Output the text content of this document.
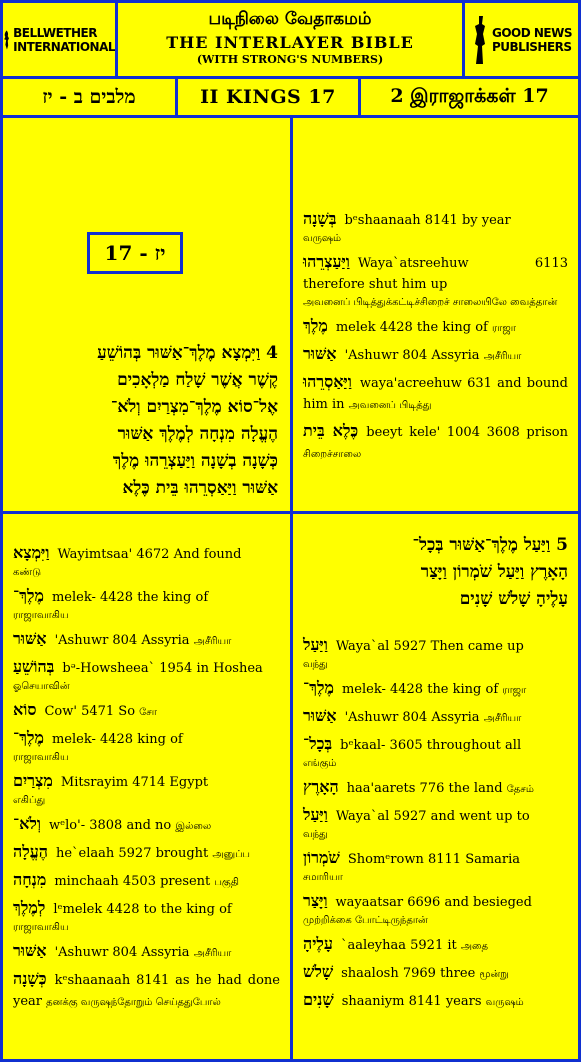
BELLWETHER
INTERNATIONAL
படிநிலை வேதாகமம்
THE INTERLAYER BIBLE
(WITH STRONG'S NUMBERS)
GOOD NEWS
PUBLISHERS
מלבים ב - יז	II KINGS 17	2 இராஜாக்கள் 17
יז - 17
4 וַיִּמְצָא מֶלֶךְ־אַשּׁוּר בְּהוֹשֵׁעַ
קֶשֶׁר אֲשֶׁר שָׁלַח מַלְאָכִים
אֶל־סוֹא מֶלֶךְ־מִצְרַיִם וְלֹא־
הֶעֱלָה מִנְחָה לְמֶלֶךְ אַשּׁוּר
כְּשָׁנָה בְשָׁנָה וַיַּעַצְרֵהוּ מֶלֶךְ
אַשּׁוּר וַיַּאַסְרֵהוּ בֵּית כֶּלֶא
בְּשָׁנָה bᵉshaanaah 8141 by year
வருஷம்
וַיַּעַצְרֵהוּ Waya`atsreehuw 6113 therefore shut him up
அவனைப் பிடித்துக்கட்டிச்சிறைச் சாலையிலே வைத்தான்
מֶלֶךְ melek 4428 the king of ராஜா
אַשּׁוּר 'Ashuwr 804 Assyria அசீரியா
וַיַּאַסְרֵהוּ waya'acreehuw 631 and bound him in அவனைப் பிடித்து
בֵּית כֶּלֶא beeyt kele' 1004 3608 prison சிறைச்சாலை
וַיִּמְצָא Wayimtsaa' 4672 And found
கண்டு
מֶלֶךְ־ melek- 4428 the king of
ராஜாவாகிய
אַשּׁוּר 'Ashuwr 804 Assyria அசீரியா
בְּהוֹשֵׁעַ bᵊ-Howsheea` 1954 in Hoshea
ஓசெயாவின்
סוֹא Cow' 5471 So சோ
מֶלֶךְ־ melek- 4428 king of
ராஜாவாகிய
מִצְרַיִם Mitsrayim 4714 Egypt
எகிப்து
וְלֹא־ wᵉlo'- 3808 and no இல்லை
הֶעֱלָה he`elaah 5927 brought அனுப்ப
מִנְחָה minchaah 4503 present பகுதி
לְמֶלֶךְ lᵉmelek 4428 to the king of
ராஜாவாகிய
אַשּׁוּר 'Ashuwr 804 Assyria அசீரியா
כְּשָׁנָה kᵉshaanaah 8141 as he had done year தனக்கு வருஷந்தோறும் செய்ததுபோல்
5 וַיַּעַל מֶלֶךְ־אַשּׁוּר בְּכָל־
הָאָרֶץ וַיַּעַל שֹׁמְרוֹן וַיָּצַר
עָלֶיהָ שָׁלֹשׁ שָׁנִים
וַיַּעַל Waya`al 5927 Then came up
வந்து
מֶלֶךְ־ melek- 4428 the king of ராஜா
אַשּׁוּר 'Ashuwr 804 Assyria அசீரியா
בְּכָל־ bᵉkaal- 3605 throughout all
எங்கும்
הָאָרֶץ haa'aarets 776 the land தேசம்
וַיַּעַל Waya`al 5927 and went up to
வந்து
שֹׁמְרוֹן Shomᵉrown 8111 Samaria
சமாரியா
וַיָּצַר wayaatsar 6696 and besieged
முற்றிக்கை போட்டிருந்தான்
עָלֶיהָ `aaleyhaa 5921 it அதை
שָׁלֹשׁ shaalosh 7969 three மூன்று
שָׁנִים shaaniym 8141 years வருஷம்
